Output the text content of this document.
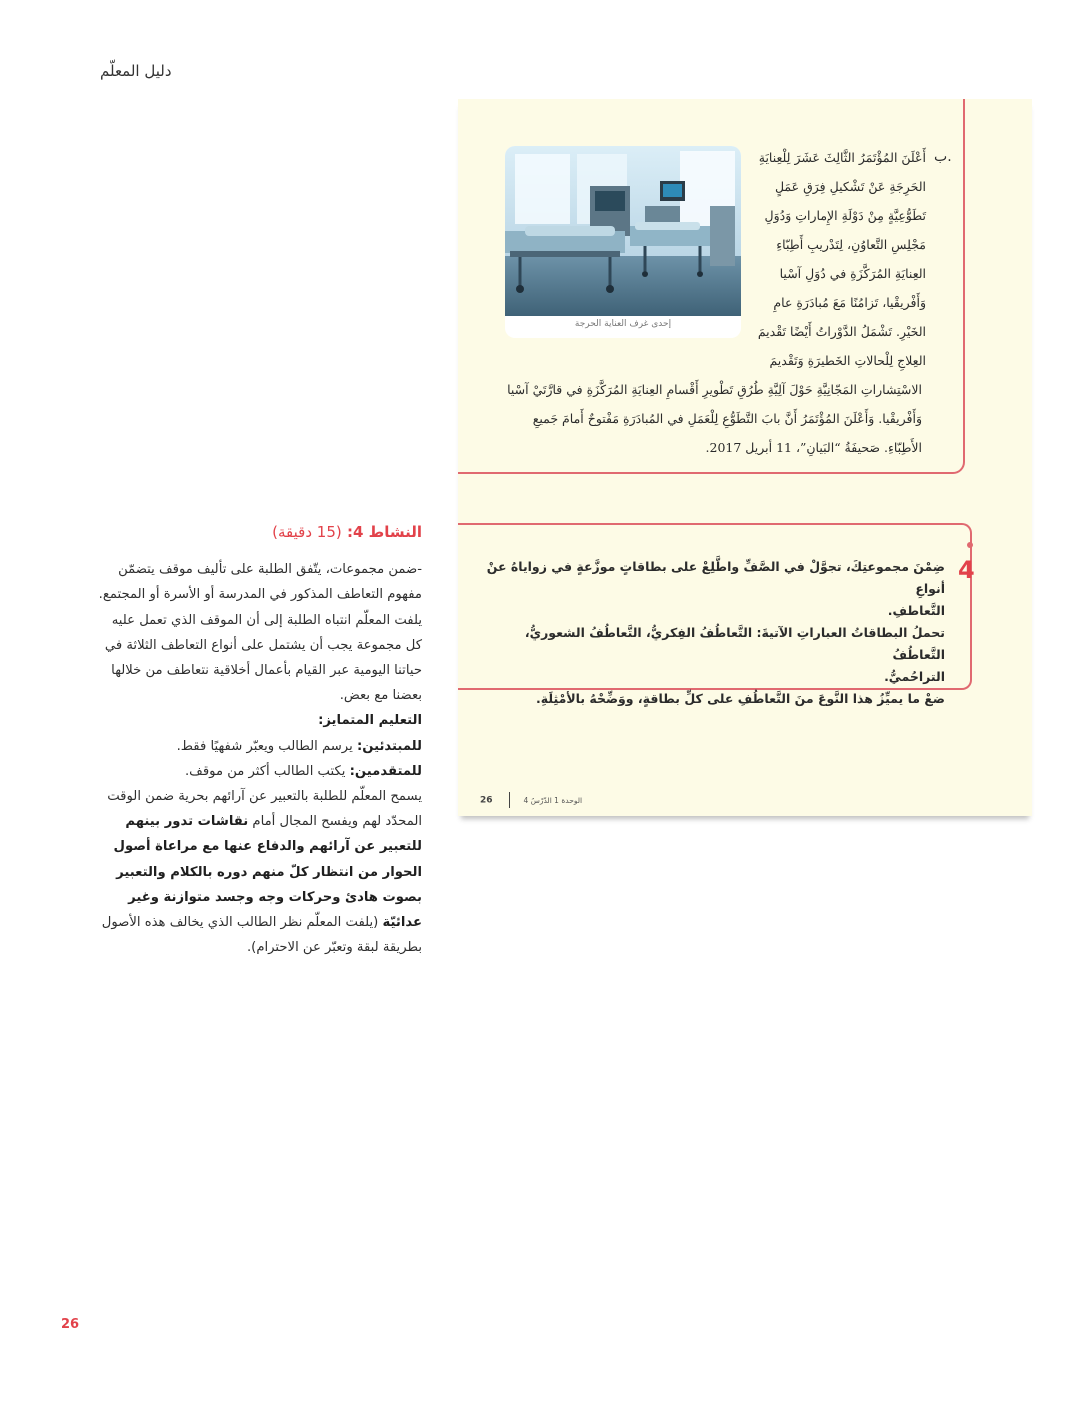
دليل المعلّم
ب.
أَعْلَنَ المُؤْتَمَرُ الثَّالِثَ عَشَرَ لِلْعِنايَةِ
الحَرِجَةِ عَنْ تَشْكيلِ فِرَقِ عَمَلٍ
تَطَوُّعِيَّةٍ مِنْ دَوْلَةِ الإِماراتِ وَدُوَلِ
مَجْلِسِ التَّعاوُنِ، لِتَدْريبِ أَطِبّاءِ
العِنايَةِ المُرَكَّزَةِ في دُوَلِ آسْيا
وَأَفْريقْيا، تَزامُنًا مَعَ مُبادَرَةِ عامِ
الخَيْرِ. تَشْمَلُ الدَّوْراتُ أَيْضًا تَقْديمَ
العِلاجِ لِلْحالاتِ الخَطيرَةِ وَتَقْديمَ
الاسْتِشاراتِ المَجّانِيَّةِ حَوْلَ آلِيَّةِ طُرُقِ تَطْويرِ أَقْسامِ العِنايَةِ المُرَكَّزَةِ في قارَّتَيْ آسْيا
وَأَفْريقْيا. وَأَعْلَنَ المُؤْتَمَرُ أَنَّ بابَ التَّطَوُّعِ لِلْعَمَلِ في المُبادَرَةِ مَفْتوحٌ أَمامَ جَميعِ
الأَطِبّاءِ. صَحيفَةُ “البَيانِ”، 11 أبريل 2017.
إحدى غرف العناية الحرجة
4

ضِمْنَ مجموعتِكَ، تجوَّلْ في الصَّفِّ واطَّلِعْ على بطاقاتٍ موزَّعةٍ في زواياهُ عنْ أنواعِ

التَّعاطفِ.

تحملُ البطاقاتُ العباراتِ الآتيةَ: التَّعاطُفُ الفِكريُّ، التَّعاطُفُ الشعوريُّ، التَّعاطُفُ

التراحُميُّ.

ضعْ ما يميِّزُ هذا النَّوعَ منَ التَّعاطُفِ على كلِّ بطاقةٍ، ووَضِّحْهُ بالأمْثِلَةِ.

26	الوحدة 1 الدّرْسُ 4

النشاط 4: (15 دقيقة)

-ضمن مجموعات، يتّفق الطلبة على تأليف موقف يتضمّن مفهوم التعاطف المذكور في المدرسة أو الأسرة أو المجتمع. يلفت المعلّم انتباه الطلبة إلى أن الموقف الذي تعمل عليه كل مجموعة يجب أن يشتمل على أنواع التعاطف الثلاثة في حياتنا اليومية عبر القيام بأعمال أخلاقية نتعاطف من خلالها بعضنا مع بعض.

التعليم المتمايز:

للمبتدئين: يرسم الطالب ويعبّر شفهيًا فقط.

للمتقدمين: يكتب الطالب أكثر من موقف.

يسمح المعلّم للطلبة بالتعبير عن آرائهم بحرية ضمن الوقت المحدّد لهم ويفسح المجال أمام نقاشات تدور بينهم للتعبير عن آرائهم والدفاع عنها مع مراعاة أصول الحوار من انتظار كلّ منهم دوره بالكلام والتعبير بصوت هادئ وحركات وجه وجسد متوازنة وغير عدائيّة (يلفت المعلّم نظر الطالب الذي يخالف هذه الأصول بطريقة لبقة وتعبّر عن الاحترام).

26
